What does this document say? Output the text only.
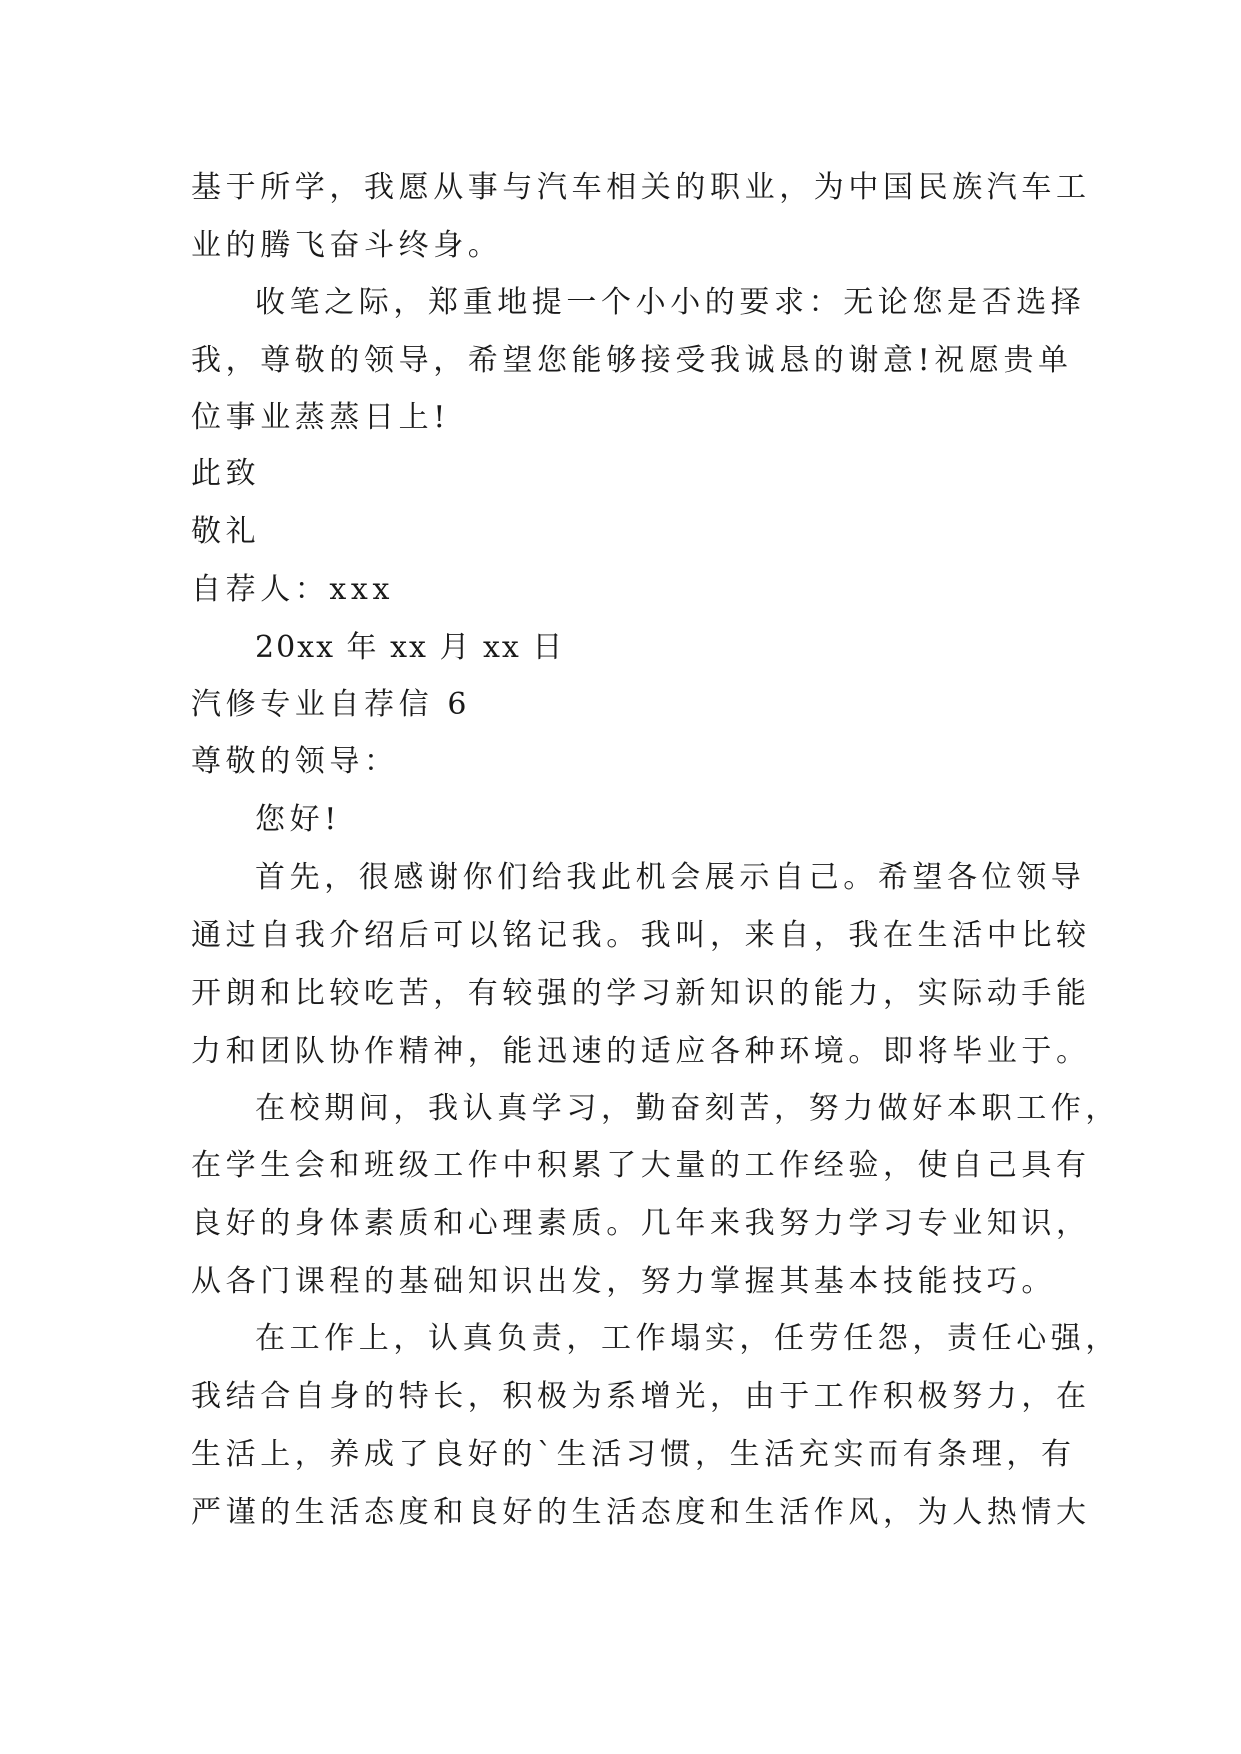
基于所学，我愿从事与汽车相关的职业，为中国民族汽车工
业的腾飞奋斗终身。
收笔之际，郑重地提一个小小的要求：无论您是否选择
我，尊敬的领导，希望您能够接受我诚恳的谢意!祝愿贵单
位事业蒸蒸日上!
此致
敬礼
自荐人：xxx
20xx 年 xx 月 xx 日
汽修专业自荐信 6
尊敬的领导：
您好!
首先，很感谢你们给我此机会展示自己。希望各位领导
通过自我介绍后可以铭记我。我叫，来自，我在生活中比较
开朗和比较吃苦，有较强的学习新知识的能力，实际动手能
力和团队协作精神，能迅速的适应各种环境。即将毕业于。
在校期间，我认真学习，勤奋刻苦，努力做好本职工作，
在学生会和班级工作中积累了大量的工作经验，使自己具有
良好的身体素质和心理素质。几年来我努力学习专业知识，
从各门课程的基础知识出发，努力掌握其基本技能技巧。
在工作上，认真负责，工作塌实，任劳任怨，责任心强，
我结合自身的特长，积极为系增光，由于工作积极努力，在
生活上，养成了良好的`生活习惯，生活充实而有条理，有
严谨的生活态度和良好的生活态度和生活作风，为人热情大
